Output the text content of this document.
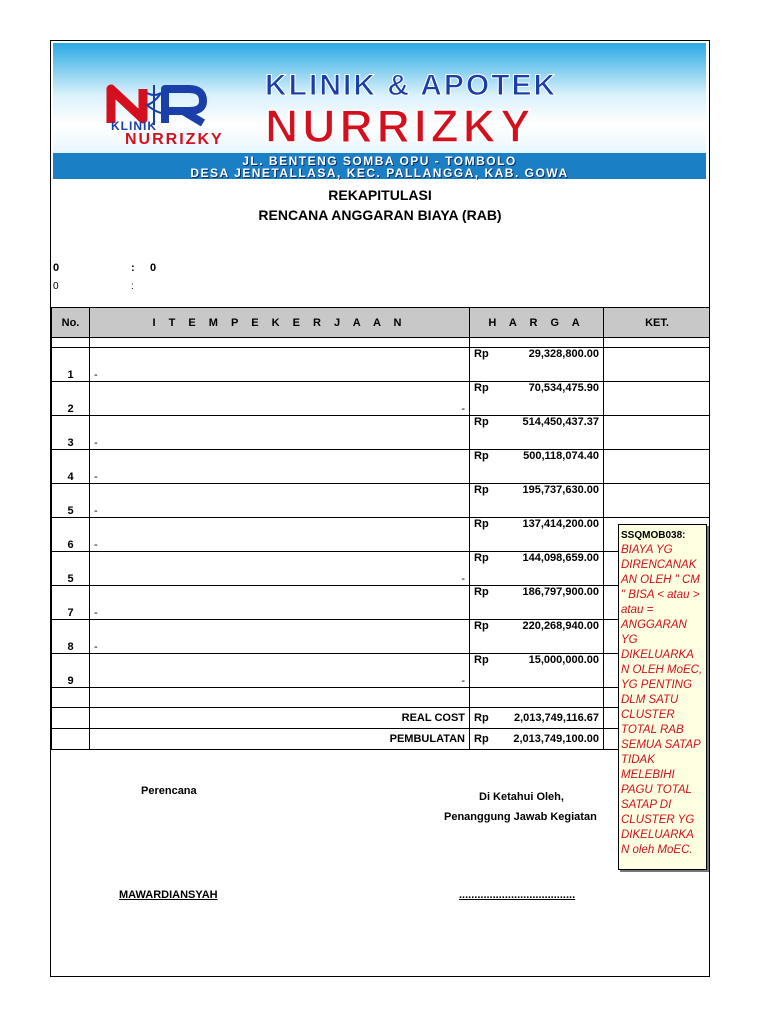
KLINIK
NURRIZKY
KLINIK & APOTEK
NURRIZKY
JL. BENTENG SOMBA OPU - TOMBOLO
DESA JENETALLASA, KEC. PALLANGGA, KAB. GOWA
REKAPITULASI
RENCANA ANGGARAN BIAYA (RAB)
0	: 0
0	:
No.	I T E M P E K E R J A A N	H A R G A	KET.

1	-	Rp 29,328,800.00	

2	-	Rp 70,534,475.90	

3	-	Rp 514,450,437.37	

4	-	Rp 500,118,074.40	

5	-	Rp 195,737,630.00	

6	-	Rp 137,414,200.00	

5	-	Rp 144,098,659.00	

7	-	Rp 186,797,900.00	

8	-	Rp 220,268,940.00	

9	-	Rp 15,000,000.00	

	REAL COST	Rp 2,013,749,116.67	

	PEMBULATAN	Rp 2,013,749,100.00	

Perencana	Di Ketahui Oleh,
Penanggung Jawab Kegiatan
MAWARDIANSYAH	......................................
SSQMOB038:
BIAYA YG DIRENCANAK AN OLEH " CM " BISA < atau > atau =  ANGGARAN YG DIKELUARKA N OLEH MoEC, YG PENTING DLM SATU CLUSTER TOTAL RAB SEMUA SATAP TIDAK MELEBIHI PAGU TOTAL SATAP DI CLUSTER YG DIKELUARKA N oleh MoEC.
